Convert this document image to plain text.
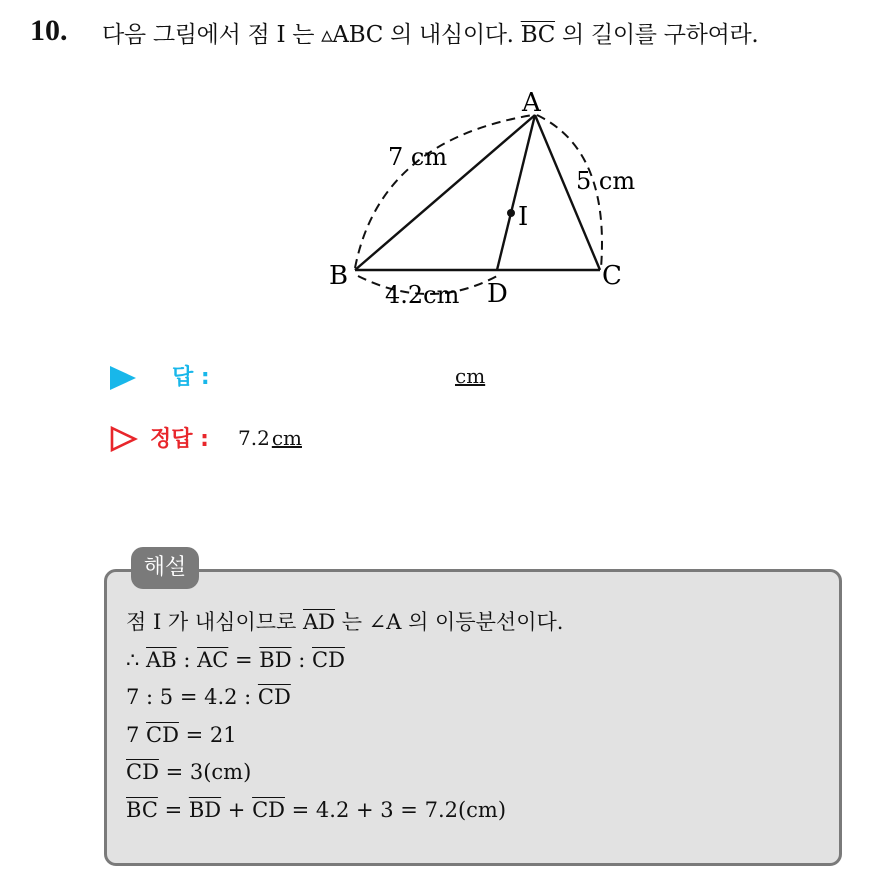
10. 다음 그림에서 점 I 는 ▵ABC 의 내심이다. $\overline{BC}$ 의 길이를 구하여라.
A
B	C
D
I
7 cm
5 cm
4.2cm
답 :	cm
정답 : 7.2 cm
해설
점 I 가 내심이므로 $\overline{AD}$ 는 ∠A 의 이등분선이다.
∴ $\overline{AB}$ : $\overline{AC} = \overline{BD}$ : $\overline{CD}$
7 : 5 = 4.2 : $\overline{CD}$
7 $\overline{CD} = 21$
$\overline{CD} = 3(cm)$
$\overline{BC} = \overline{BD} + \overline{CD} = 4.2 + 3 = 7.2(cm)$
